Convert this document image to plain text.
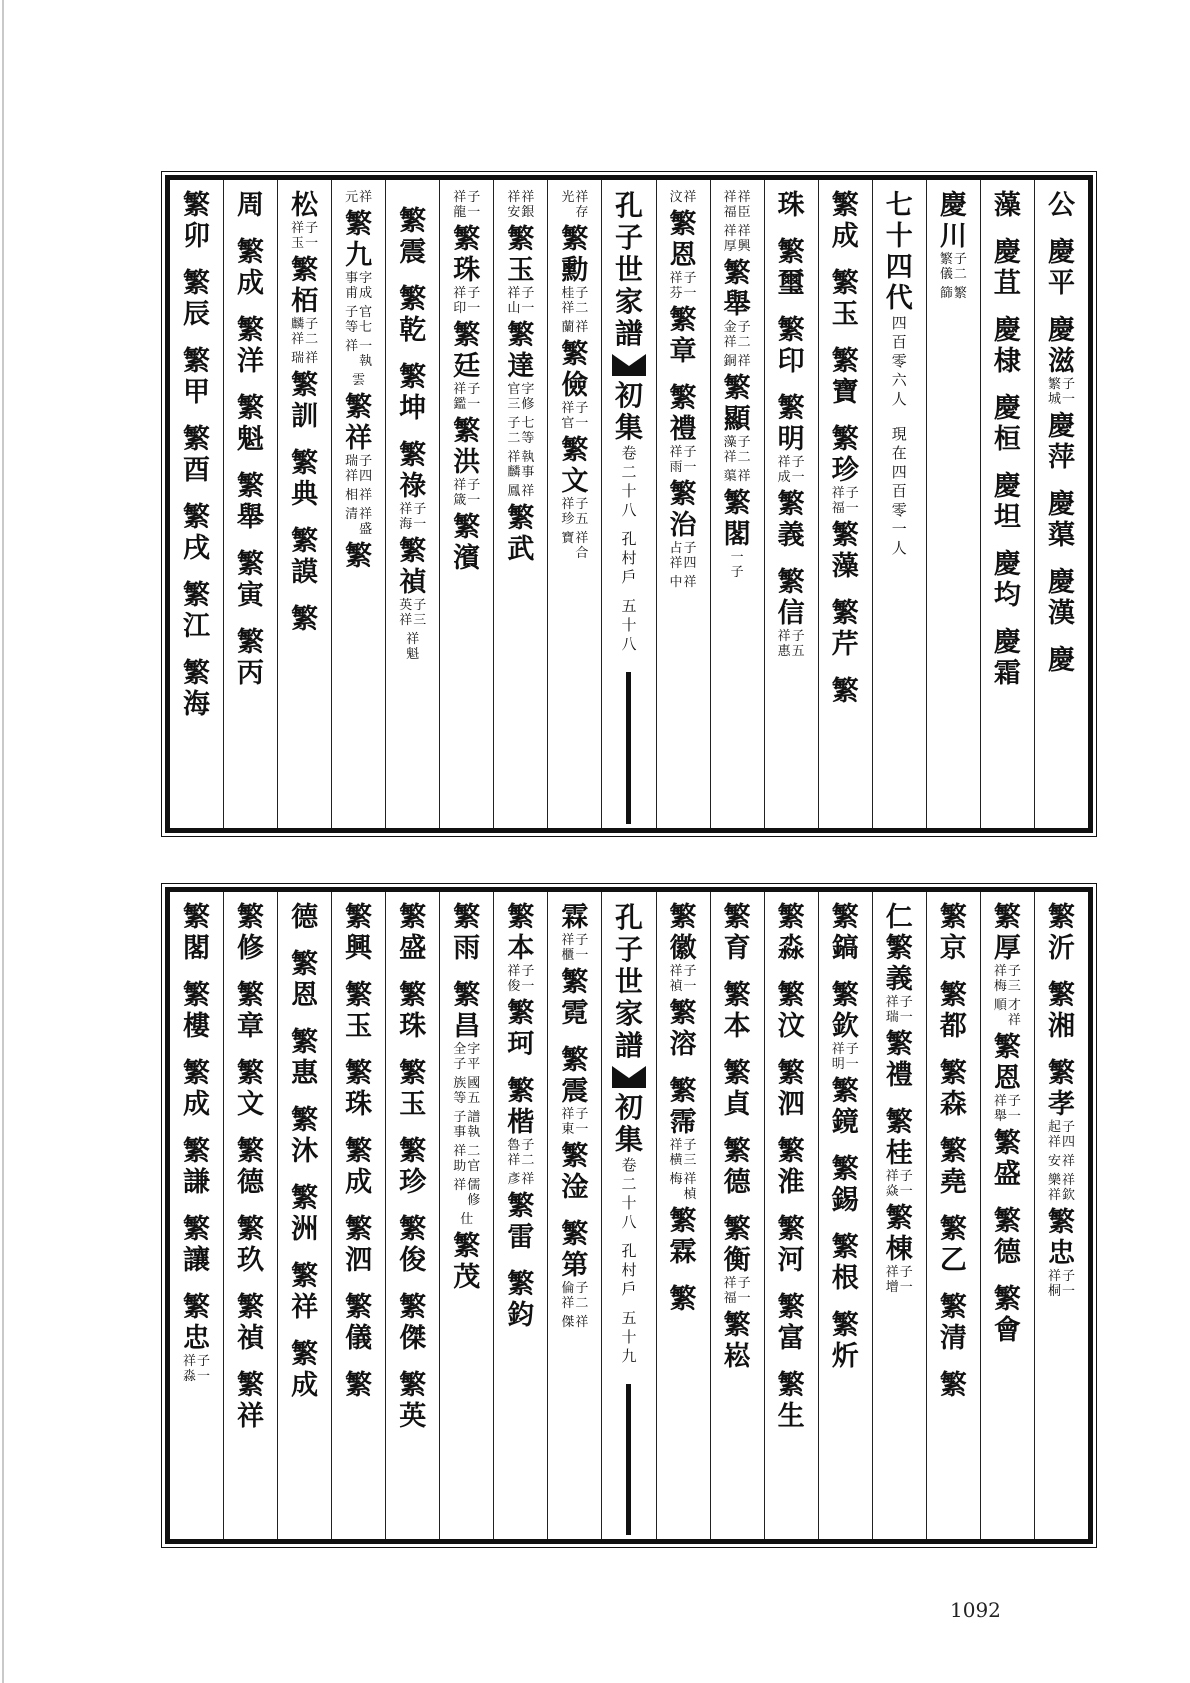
公
慶
平
慶
滋
子
一
繁
城
慶
萍
慶
蕖
慶
漢
慶
藻
慶
苴
慶
棣
慶
桓
慶
坦
慶
均
慶
霜
慶
川
子
二
繁
儀
繁
篩
七
十
四
代
四
百
零
六
人
現
在
四
百
零
一
人
繁
成
繁
玉
繁
寶
繁
珍
子
一
祥
福
繁
藻
繁
芹
繁
珠
繁
璽
繁
印
繁
明
子
一
祥
成
繁
義
繁
信
子
五
祥
惠
祥
臣
祥
福
祥
興
祥
厚
繁
舉
子
二
金
祥
祥
銅
繁
顯
子
二
藻
祥
祥
蕖
繁
閣
一
子
祥
汶
繁
恩
子
一
祥
芬
繁
章
繁
禮
子
一
祥
雨
繁
治
子
四
占
祥
祥
中
孔
子
世
家
譜
初
集
卷
二
十
八
孔
村
戶
五
十
八
祥
存
光
繁
勳
子
二
桂
祥
祥
蘭
繁
儉
子
一
祥
官
繁
文
子
五
祥
珍
祥
合
寶
祥
銀
祥
安
繁
玉
子
一
祥
山
繁
達
字
修
官
三
七
等
子
二
執
事
祥
麟
祥
鳳
繁
武
子
一
祥
龍
繁
珠
子
一
祥
印
繁
廷
子
一
祥
鑑
繁
洪
子
一
祥
箴
繁
濱
繁
震
繁
乾
繁
坤
繁
祿
子
一
祥
海
繁
禎
子
三
英
祥
祥
魁
祥
元
繁
九
字
成
事
甫
官
七
子
等
一
執
祥
雲
繁
祥
子
四
瑞
祥
祥
相
祥
盛
清
繁
松
子
一
祥
玉
繁
栢
子
二
麟
祥
祥
瑞
繁
訓
繁
典
繁
謨
繁
周
繁
成
繁
洋
繁
魁
繁
舉
繁
寅
繁
丙
繁
卯
繁
辰
繁
甲
繁
酉
繁
戌
繁
江
繁
海
繁
沂
繁
湘
繁
孝
子
四
起
祥
祥
安
祥
欽
樂
祥
繁
忠
子
一
祥
桐
繁
厚
子
三
祥
梅
才
祥
順
繁
恩
子
一
祥
舉
繁
盛
繁
德
繁
會
繁
京
繁
都
繁
森
繁
堯
繁
乙
繁
清
繁
仁
繁
義
子
一
祥
瑞
繁
禮
繁
桂
子
一
祥
焱
繁
棟
子
一
祥
增
繁
鎬
繁
欽
子
一
祥
明
繁
鏡
繁
錫
繁
根
繁
炘
繁
淼
繁
汶
繁
泗
繁
淮
繁
河
繁
富
繁
生
繁
育
繁
本
繁
貞
繁
德
繁
衡
子
一
祥
福
繁
崧
繁
徽
子
一
祥
禎
繁
溶
繁
霈
子
三
祥
横
祥
楨
梅
繁
霖
繁
孔
子
世
家
譜
初
集
卷
二
十
八
孔
村
戶
五
十
九
霖
子
一
祥
櫃
繁
霓
繁
震
子
一
祥
東
繁
淦
繁
第
子
二
倫
祥
祥
傑
繁
本
子
一
祥
俊
繁
珂
繁
楷
子
二
魯
祥
祥
彥
繁
雷
繁
鈞
繁
雨
繁
昌
字
平
全
子
國
五
族
等
譜
執
子
事
二
官
祥
助
儒
修
祥
仕
繁
茂
繁
盛
繁
珠
繁
玉
繁
珍
繁
俊
繁
傑
繁
英
繁
興
繁
玉
繁
珠
繁
成
繁
泗
繁
儀
繁
德
繁
恩
繁
惠
繁
沐
繁
洲
繁
祥
繁
成
繁
修
繁
章
繁
文
繁
德
繁
玖
繁
禎
繁
祥
繁
閣
繁
樓
繁
成
繁
謙
繁
讓
繁
忠
子
一
祥
淼
1092
